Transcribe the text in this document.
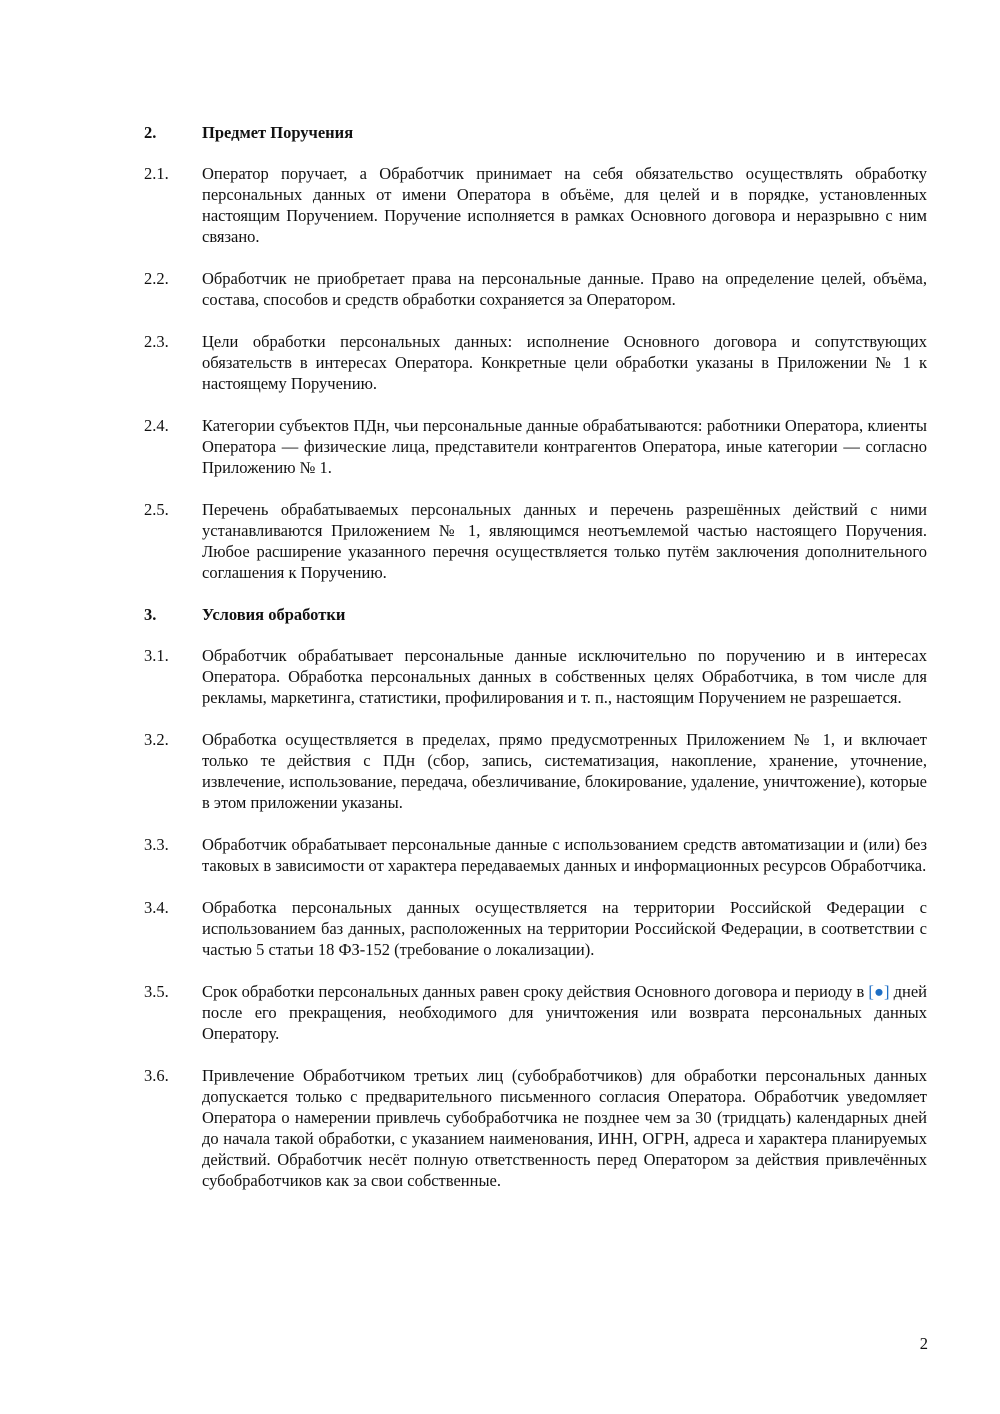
2.	Предмет Поручения
2.1.	Оператор поручает, а Обработчик принимает на себя обязательство осуществлять обработку персональных данных от имени Оператора в объёме, для целей и в порядке, установленных настоящим Поручением. Поручение исполняется в рамках Основного договора и неразрывно с ним связано.
2.2.	Обработчик не приобретает права на персональные данные. Право на определение целей, объёма, состава, способов и средств обработки сохраняется за Оператором.
2.3.	Цели обработки персональных данных: исполнение Основного договора и сопутствующих обязательств в интересах Оператора. Конкретные цели обработки указаны в Приложении № 1 к настоящему Поручению.
2.4.	Категории субъектов ПДн, чьи персональные данные обрабатываются: работники Оператора, клиенты Оператора — физические лица, представители контрагентов Оператора, иные категории — согласно Приложению № 1.
2.5.	Перечень обрабатываемых персональных данных и перечень разрешённых действий с ними устанавливаются Приложением № 1, являющимся неотъемлемой частью настоящего Поручения. Любое расширение указанного перечня осуществляется только путём заключения дополнительного соглашения к Поручению.
3.	Условия обработки
3.1.	Обработчик обрабатывает персональные данные исключительно по поручению и в интересах Оператора. Обработка персональных данных в собственных целях Обработчика, в том числе для рекламы, маркетинга, статистики, профилирования и т. п., настоящим Поручением не разрешается.
3.2.	Обработка осуществляется в пределах, прямо предусмотренных Приложением № 1, и включает только те действия с ПДн (сбор, запись, систематизация, накопление, хранение, уточнение, извлечение, использование, передача, обезличивание, блокирование, удаление, уничтожение), которые в этом приложении указаны.
3.3.	Обработчик обрабатывает персональные данные с использованием средств автоматизации и (или) без таковых в зависимости от характера передаваемых данных и информационных ресурсов Обработчика.
3.4.	Обработка персональных данных осуществляется на территории Российской Федерации с использованием баз данных, расположенных на территории Российской Федерации, в соответствии с частью 5 статьи 18 ФЗ-152 (требование о локализации).
3.5.	Срок обработки персональных данных равен сроку действия Основного договора и периоду в [●] дней после его прекращения, необходимого для уничтожения или возврата персональных данных Оператору.
3.6.	Привлечение Обработчиком третьих лиц (субобработчиков) для обработки персональных данных допускается только с предварительного письменного согласия Оператора. Обработчик уведомляет Оператора о намерении привлечь субобработчика не позднее чем за 30 (тридцать) календарных дней до начала такой обработки, с указанием наименования, ИНН, ОГРН, адреса и характера планируемых действий. Обработчик несёт полную ответственность перед Оператором за действия привлечённых субобработчиков как за свои собственные.
2
